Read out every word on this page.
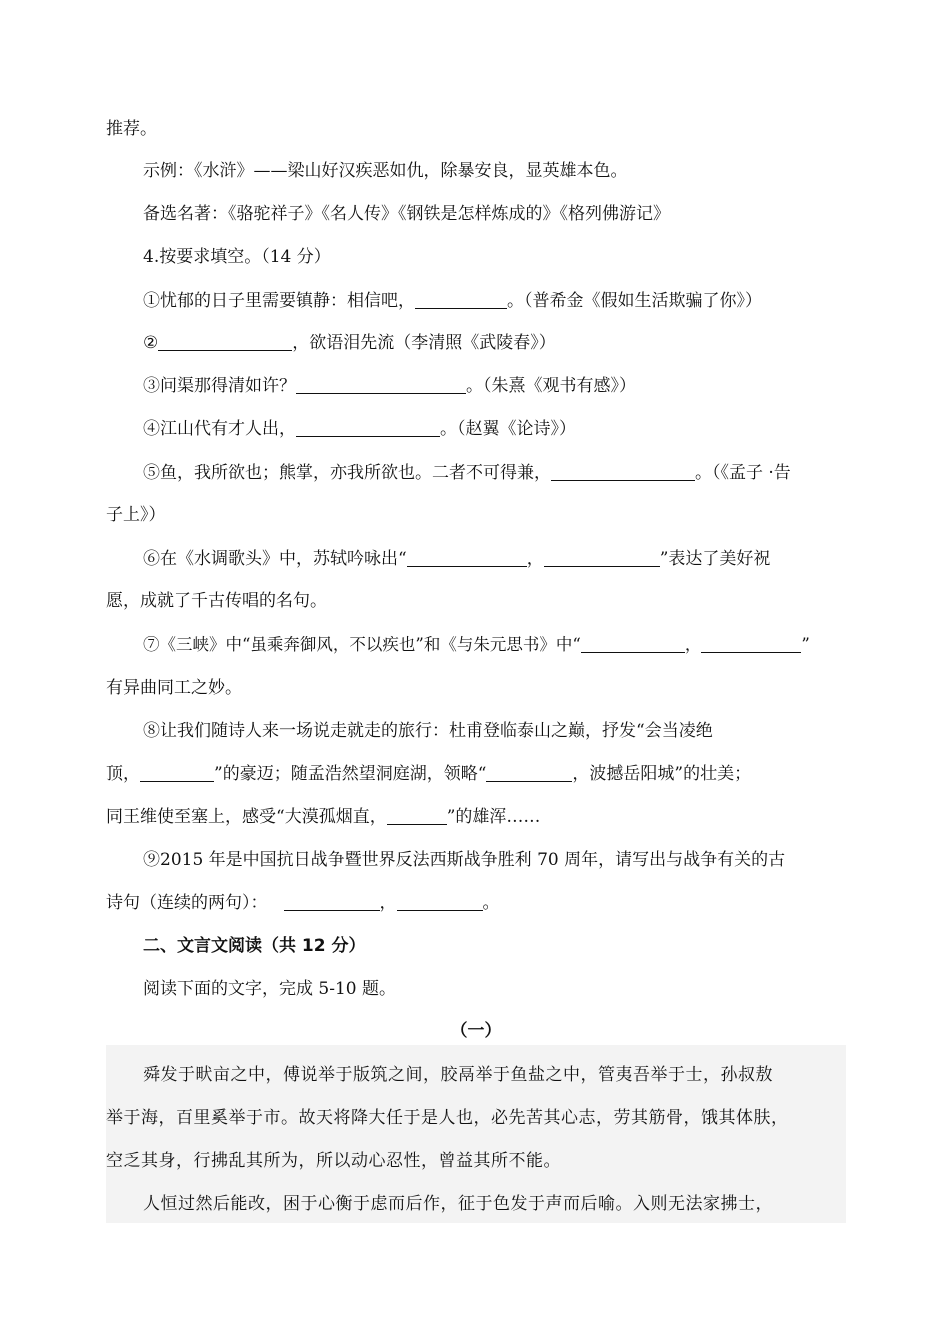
推荐。
示例：《水浒》——梁山好汉疾恶如仇，除暴安良，显英雄本色。
备选名著：《骆驼祥子》《名人传》《钢铁是怎样炼成的》《格列佛游记》
4.按要求填空。（14 分）
①忧郁的日子里需要镇静：相信吧，	。（普希金《假如生活欺骗了你》）
②	，欲语泪先流（李清照《武陵春》）
③问渠那得清如许？	。（朱熹《观书有感》）
④江山代有才人出，	。（赵翼《论诗》）
⑤鱼，我所欲也；熊掌，亦我所欲也。二者不可得兼，	。（《孟子 ·告
子上》）
⑥在《水调歌头》中，苏轼吟咏出“	，	”表达了美好祝
愿，成就了千古传唱的名句。
⑦《三峡》中“虽乘奔御风，不以疾也”和《与朱元思书》中“	，	”
有异曲同工之妙。
⑧让我们随诗人来一场说走就走的旅行：杜甫登临泰山之巅，抒发“会当凌绝
顶，	”的豪迈；随孟浩然望洞庭湖，领略“	，波撼岳阳城”的壮美；
同王维使至塞上，感受“大漠孤烟直，	”的雄浑……
⑨2015 年是中国抗日战争暨世界反法西斯战争胜利 70 周年，请写出与战争有关的古
诗句（连续的两句）：	，	。
二、文言文阅读（共 12 分）
阅读下面的文字，完成 5-10 题。
（一）
舜发于畎亩之中，傅说举于版筑之间，胶鬲举于鱼盐之中，管夷吾举于士，孙叔敖
举于海，百里奚举于市。故天将降大任于是人也，必先苦其心志，劳其筋骨，饿其体肤，
空乏其身，行拂乱其所为，所以动心忍性，曾益其所不能。
人恒过然后能改，困于心衡于虑而后作，征于色发于声而后喻。入则无法家拂士，
